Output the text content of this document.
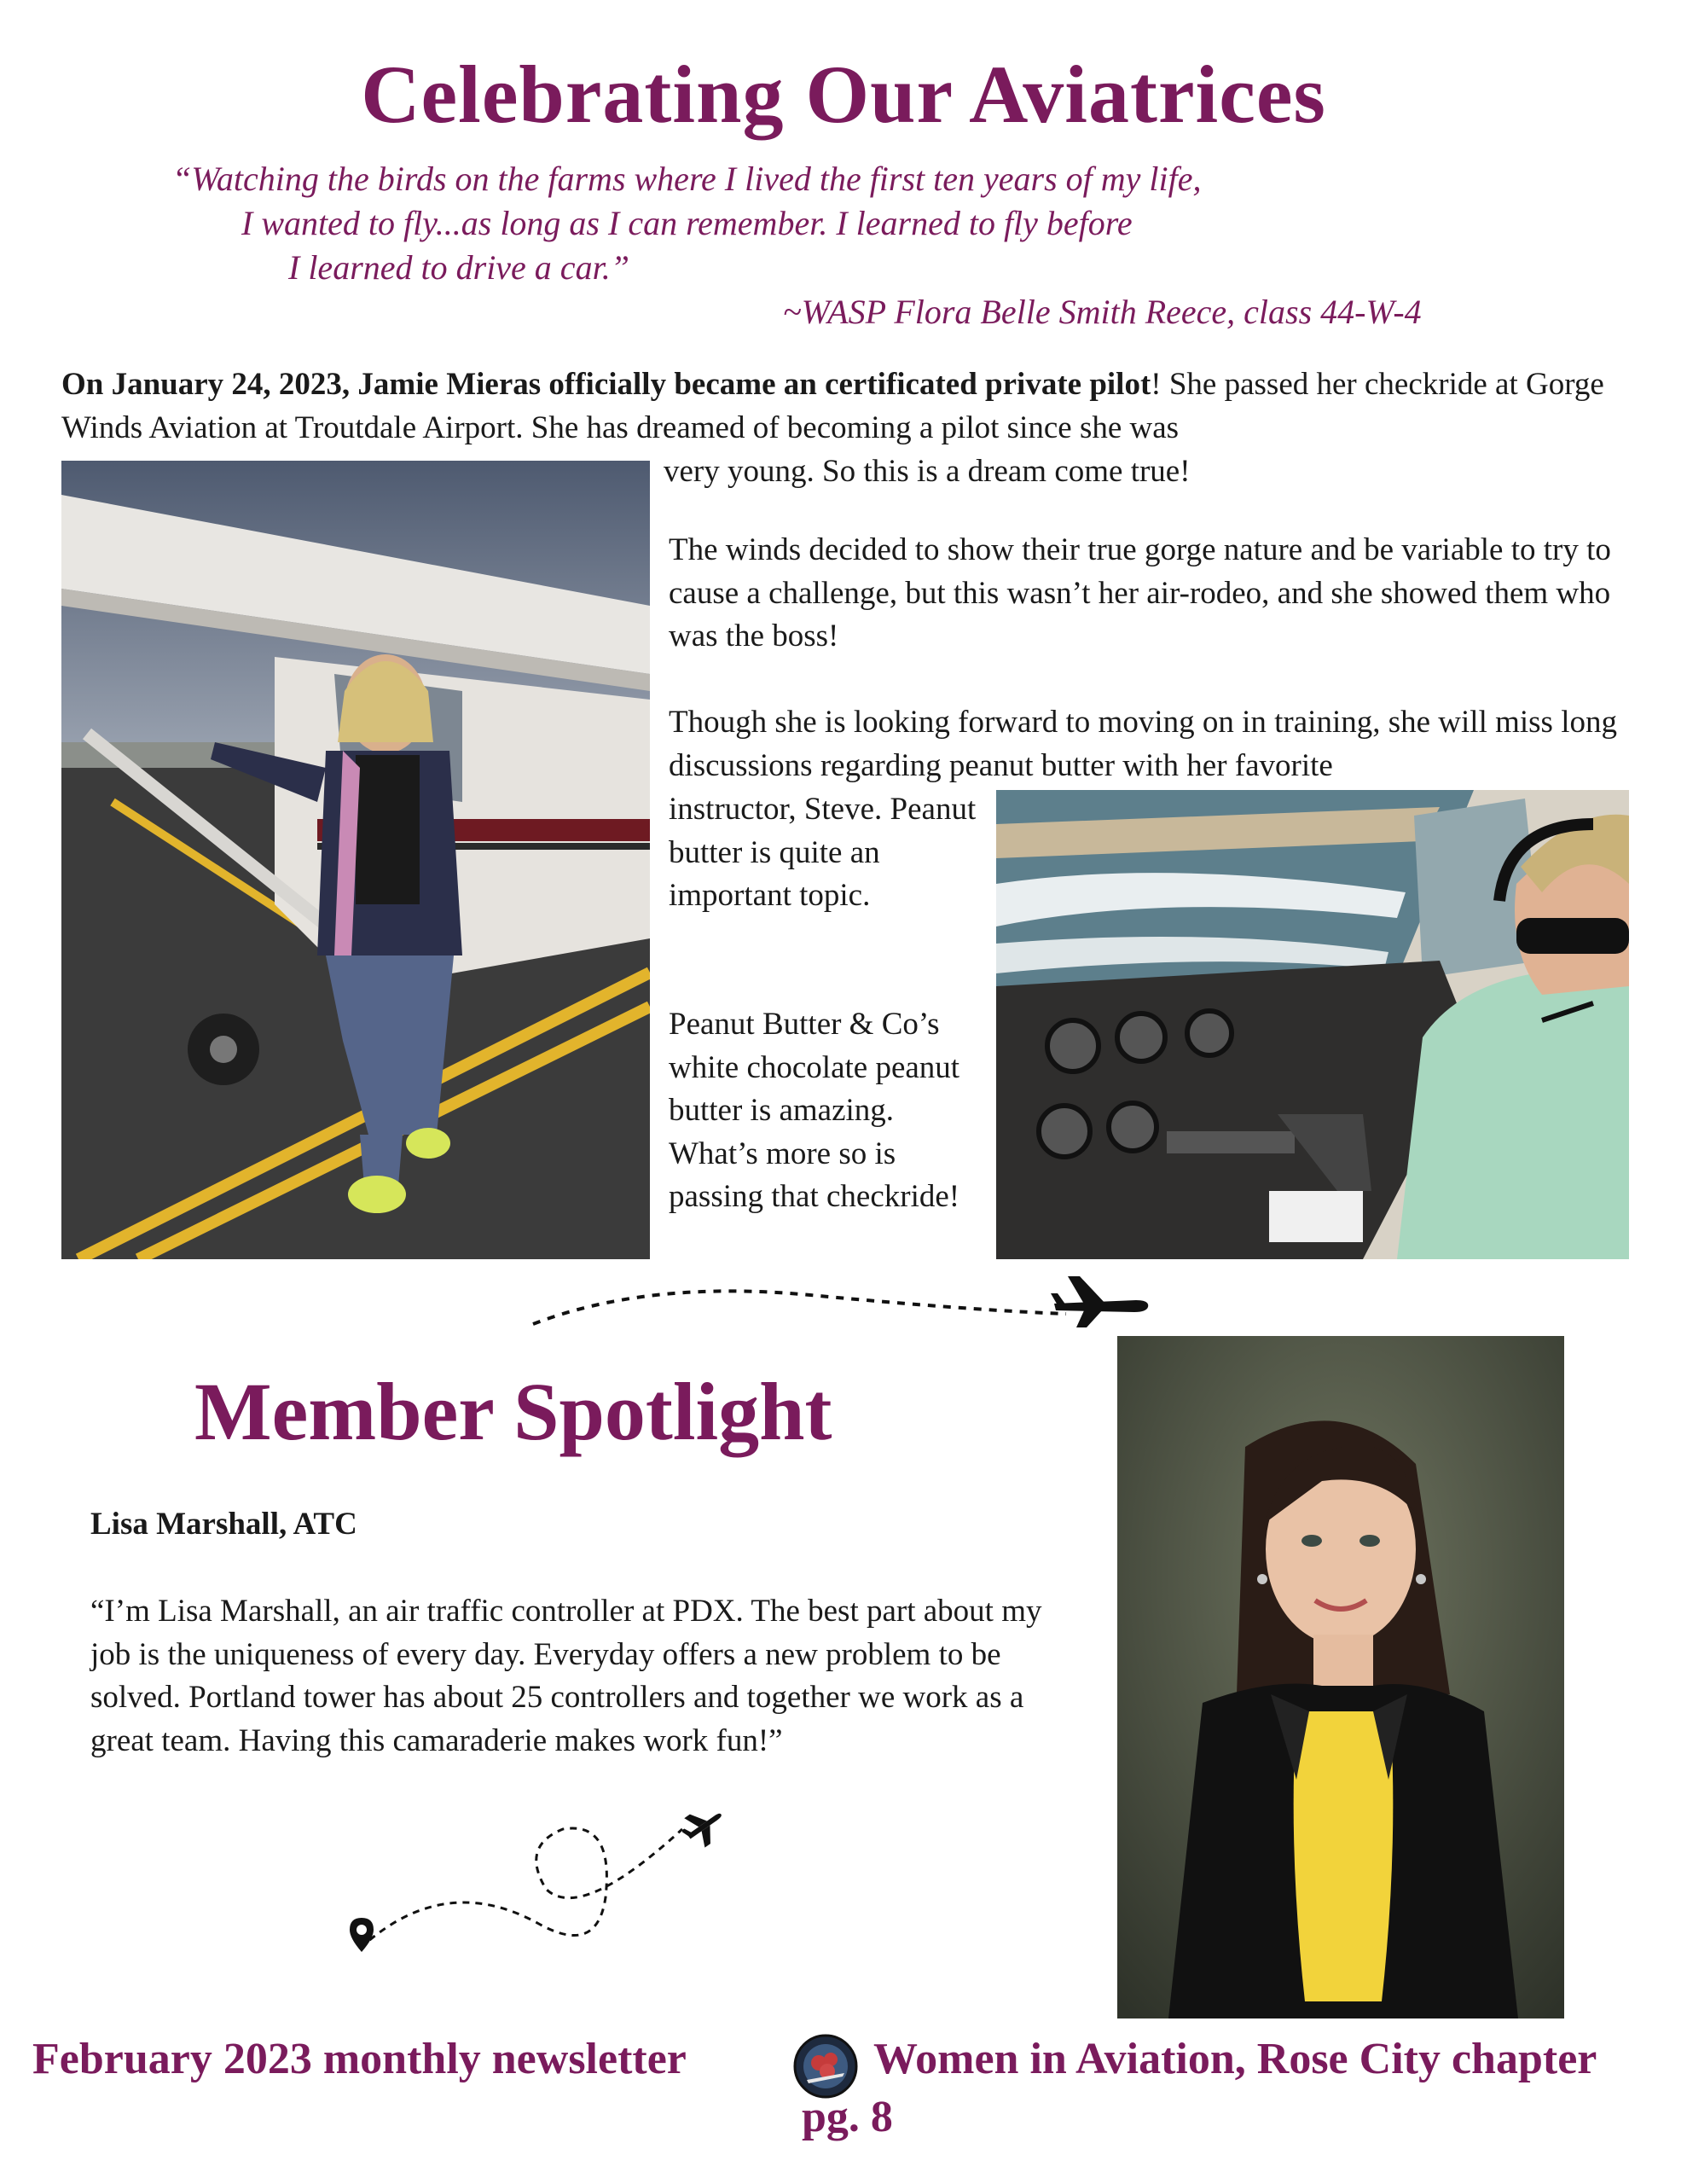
Celebrating Our Aviatrices
“Watching the birds on the farms where I lived the first ten years of my life,
I wanted to fly...as long as I can remember. I learned to fly before
I learned to drive a car.”
~WASP Flora Belle Smith Reece, class 44-W-4
On January 24, 2023, Jamie Mieras officially became an certificated private pilot! She passed her checkride at Gorge Winds Aviation at Troutdale Airport. She has dreamed of becoming a pilot since she was
very young. So this is a dream come true!
The winds decided to show their true gorge nature and be variable to try to cause a challenge, but this wasn’t her air-rodeo, and she showed them who was the boss!
Though she is looking forward to moving on in training, she will miss long discussions regarding peanut butter with her favorite
instructor, Steve. Peanut butter is quite an important topic.
Peanut Butter & Co’s white chocolate peanut butter is amazing. What’s more so is passing that checkride!
Member Spotlight
Lisa Marshall, ATC
“I’m Lisa Marshall, an air traffic controller at PDX. The best part about my job is the uniqueness of every day. Everyday offers a new problem to be solved. Portland tower has about 25 controllers and together we work as a great team. Having this camaraderie makes work fun!”
February 2023 monthly newsletter	Women in Aviation, Rose City chapter
pg. 8
